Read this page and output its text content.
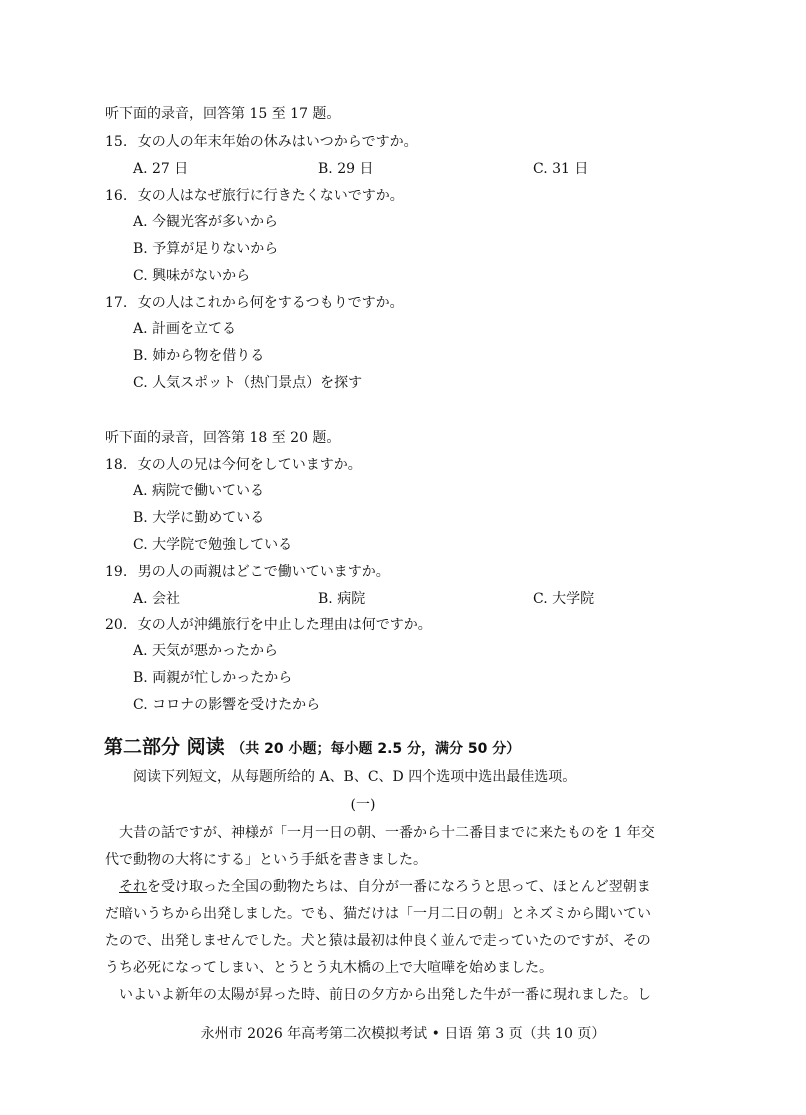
听下面的录音，回答第 15 至 17 题。
15. 女の人の年末年始の休みはいつからですか。
A. 27 日	B. 29 日	C. 31 日
16. 女の人はなぜ旅行に行きたくないですか。
A. 今観光客が多いから
B. 予算が足りないから
C. 興味がないから
17. 女の人はこれから何をするつもりですか。
A. 計画を立てる
B. 姉から物を借りる
C. 人気スポット（热门景点）を探す
听下面的录音，回答第 18 至 20 题。
18. 女の人の兄は今何をしていますか。
A. 病院で働いている
B. 大学に勤めている
C. 大学院で勉強している
19. 男の人の両親はどこで働いていますか。
A. 会社	B. 病院	C. 大学院
20. 女の人が沖縄旅行を中止した理由は何ですか。
A. 天気が悪かったから
B. 両親が忙しかったから
C. コロナの影響を受けたから
第二部分 阅读 （共 20 小题；每小题 2.5 分，满分 50 分）
阅读下列短文，从每题所给的 A、B、C、D 四个选项中选出最佳选项。
(一)
大昔の話ですが、神様が「一月一日の朝、一番から十二番目までに来たものを 1 年交
代で動物の大将にする」という手紙を書きました。
それを受け取った全国の動物たちは、自分が一番になろうと思って、ほとんど翌朝ま
だ暗いうちから出発しました。でも、猫だけは「一月二日の朝」とネズミから聞いてい
たので、出発しませんでした。犬と猿は最初は仲良く並んで走っていたのですが、その
うち必死になってしまい、とうとう丸木橋の上で大喧嘩を始めました。
いよいよ新年の太陽が昇った時、前日の夕方から出発した牛が一番に現れました。し
永州市 2026 年高考第二次模拟考试 • 日语 第 3 页（共 10 页）
